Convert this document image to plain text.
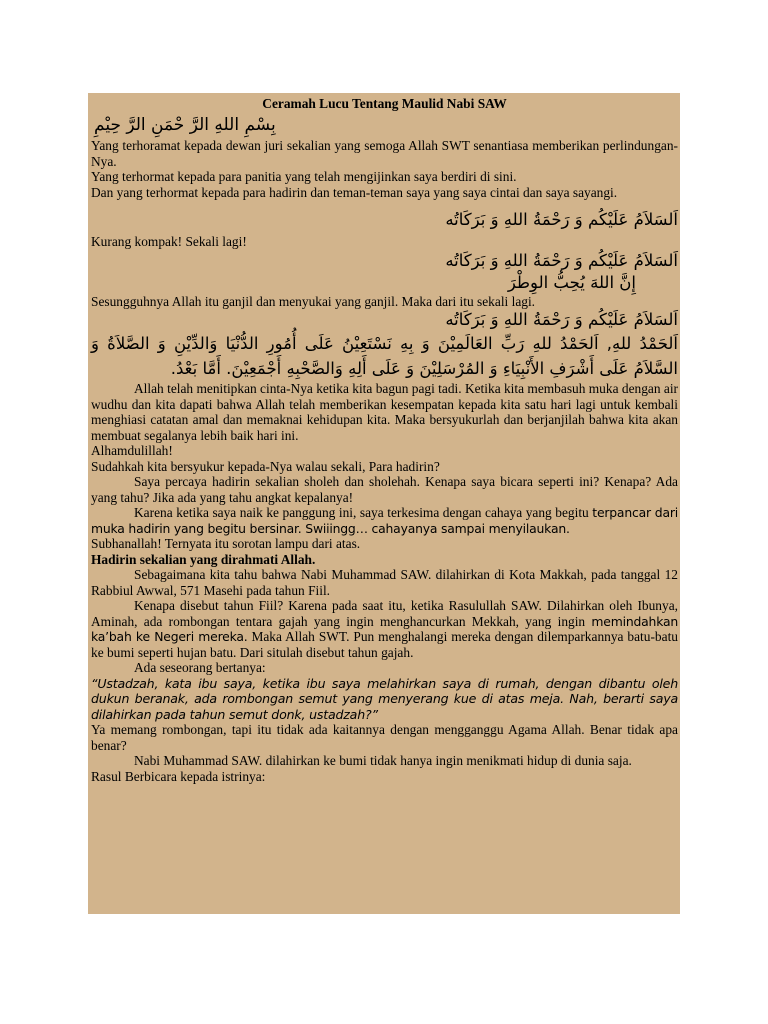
Ceramah Lucu Tentang Maulid Nabi SAW

بِسْمِ اللهِ الرَّ حْمَنِ الرَّ حِيْمِ

Yang terhoramat kepada dewan juri sekalian yang semoga Allah SWT senantiasa memberikan perlindungan-Nya.

Yang terhormat kepada para panitia yang telah mengijinkan saya berdiri di sini.

Dan yang terhormat kepada para hadirin dan teman-teman saya yang saya cintai dan saya sayangi.

اَلسَلاَمُ عَلَيْكُم وَ رَحْمَةُ اللهِ وَ بَرَكَاتُه

Kurang kompak! Sekali lagi!

اَلسَلاَمُ عَلَيْكُم وَ رَحْمَةُ اللهِ وَ بَرَكَاتُه

إِنَّ اللهَ يُحِبُّ الوِطْرَ

Sesungguhnya Allah itu ganjil dan menyukai yang ganjil. Maka dari itu sekali lagi.

اَلسَلاَمُ عَلَيْكُم وَ رَحْمَةُ اللهِ وَ بَرَكَاتُه

اَلحَمْدُ للهِ, اَلحَمْدُ للهِ رَبِّ العَالَمِيْنَ وَ بِهِ نَسْتَعِيْنُ عَلَى أُمُورِ الدُّنْيَا وَالدِّيْنِ وَ الصَّلاَةُ وَ السَّلاَمُ عَلَى أَشْرَفِ الأَنْبِيَاءِ وَ المُرْسَلِيْنَ وَ عَلَى أَلِهِ وَالصَّحْبِهِ أَجْمَعِيْنَ. أَمَّا بَعْدُ.

Allah telah menitipkan cinta-Nya ketika kita bagun pagi tadi. Ketika kita membasuh muka dengan air wudhu dan kita dapati bahwa Allah telah memberikan kesempatan kepada kita satu hari lagi untuk kembali menghiasi catatan amal dan memaknai kehidupan kita. Maka bersyukurlah dan berjanjilah bahwa kita akan membuat segalanya lebih baik hari ini.

Alhamdulillah!

Sudahkah kita bersyukur kepada-Nya walau sekali, Para hadirin?

Saya percaya hadirin sekalian sholeh dan sholehah. Kenapa saya bicara seperti ini? Kenapa? Ada yang tahu? Jika ada yang tahu angkat kepalanya!

Karena ketika saya naik ke panggung ini, saya terkesima dengan cahaya yang begitu terpancar dari muka hadirin yang begitu bersinar. Swiiingg… cahayanya sampai menyilaukan.

Subhanallah! Ternyata itu sorotan lampu dari atas.

Hadirin sekalian yang dirahmati Allah.

Sebagaimana kita tahu bahwa Nabi Muhammad SAW. dilahirkan di Kota Makkah, pada tanggal 12 Rabbiul Awwal, 571 Masehi pada tahun Fiil.

Kenapa disebut tahun Fiil? Karena pada saat itu, ketika Rasulullah SAW. Dilahirkan oleh Ibunya, Aminah, ada rombongan tentara gajah yang ingin menghancurkan Mekkah, yang ingin memindahkan ka’bah ke Negeri mereka. Maka Allah SWT. Pun menghalangi mereka dengan dilemparkannya batu-batu ke bumi seperti hujan batu. Dari situlah disebut tahun gajah.

Ada seseorang bertanya:

“Ustadzah, kata ibu saya, ketika ibu saya melahirkan saya di rumah, dengan dibantu oleh dukun beranak, ada rombongan semut yang menyerang kue di atas meja. Nah, berarti saya dilahirkan pada tahun semut donk, ustadzah?”

Ya memang rombongan, tapi itu tidak ada kaitannya dengan mengganggu Agama Allah. Benar tidak apa benar?

Nabi Muhammad SAW. dilahirkan ke bumi tidak hanya ingin menikmati hidup di dunia saja.

Rasul Berbicara kepada istrinya:
